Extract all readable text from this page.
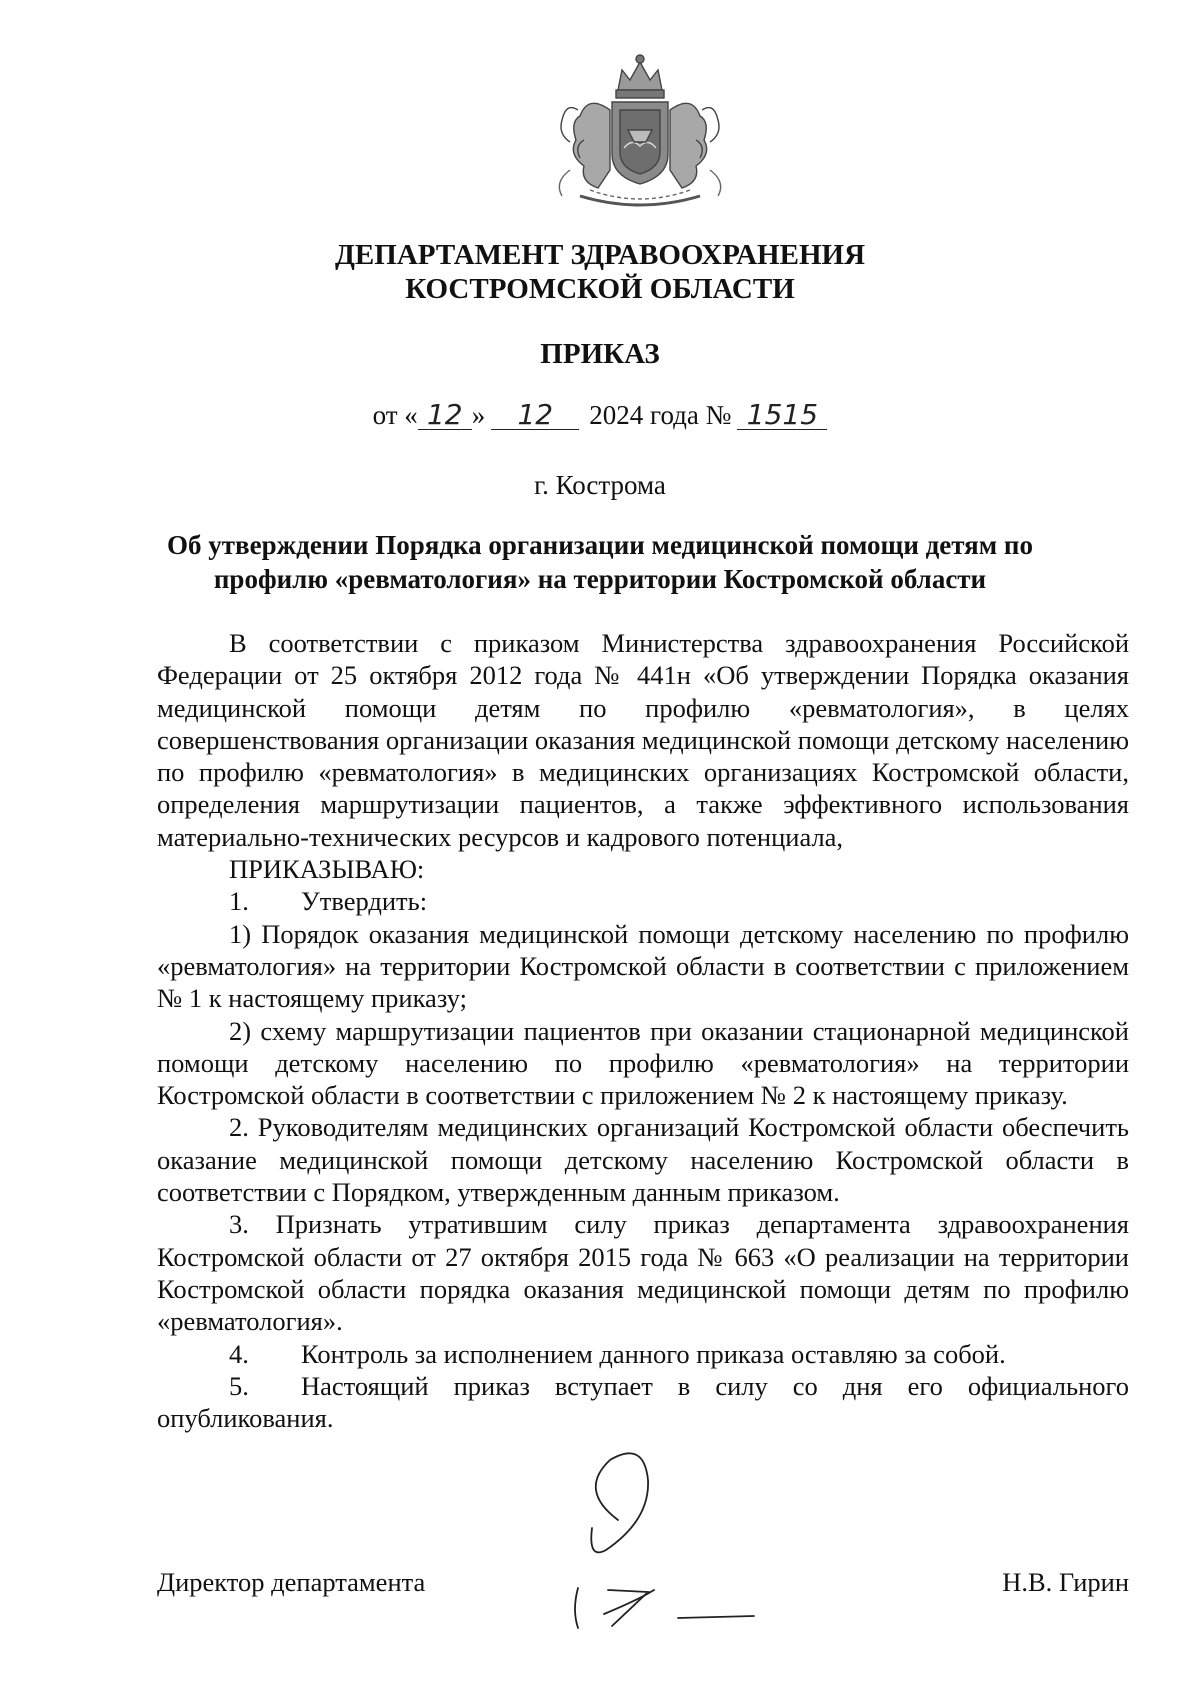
ДЕПАРТАМЕНТ ЗДРАВООХРАНЕНИЯ
КОСТРОМСКОЙ ОБЛАСТИ
ПРИКАЗ
от « 12 » 12 2024 года № 1515
г. Кострома
Об утверждении Порядка организации медицинской помощи детям по
профилю «ревматология» на территории Костромской области

В соответствии с приказом Министерства здравоохранения Российской Федерации от 25 октября 2012 года № 441н «Об утверждении Порядка оказания медицинской помощи детям по профилю «ревматология», в целях совершенствования организации оказания медицинской помощи детскому населению по профилю «ревматология» в медицинских организациях Костромской области, определения маршрутизации пациентов, а также эффективного использования материально-технических ресурсов и кадрового потенциала,

ПРИКАЗЫВАЮ:

1. Утвердить:

1) Порядок оказания медицинской помощи детскому населению по профилю «ревматология» на территории Костромской области в соответствии с приложением № 1 к настоящему приказу;

2) схему маршрутизации пациентов при оказании стационарной медицинской помощи детскому населению по профилю «ревматология» на территории Костромской области в соответствии с приложением № 2 к настоящему приказу.

2. Руководителям медицинских организаций Костромской области обеспечить оказание медицинской помощи детскому населению Костромской области в соответствии с Порядком, утвержденным данным приказом.

3. Признать утратившим силу приказ департамента здравоохранения Костромской области от 27 октября 2015 года № 663 «О реализации на территории Костромской области порядка оказания медицинской помощи детям по профилю «ревматология».

4. Контроль за исполнением данного приказа оставляю за собой.

5. Настоящий приказ вступает в силу со дня его официального опубликования.

Директор департамента	Н.В. Гирин
